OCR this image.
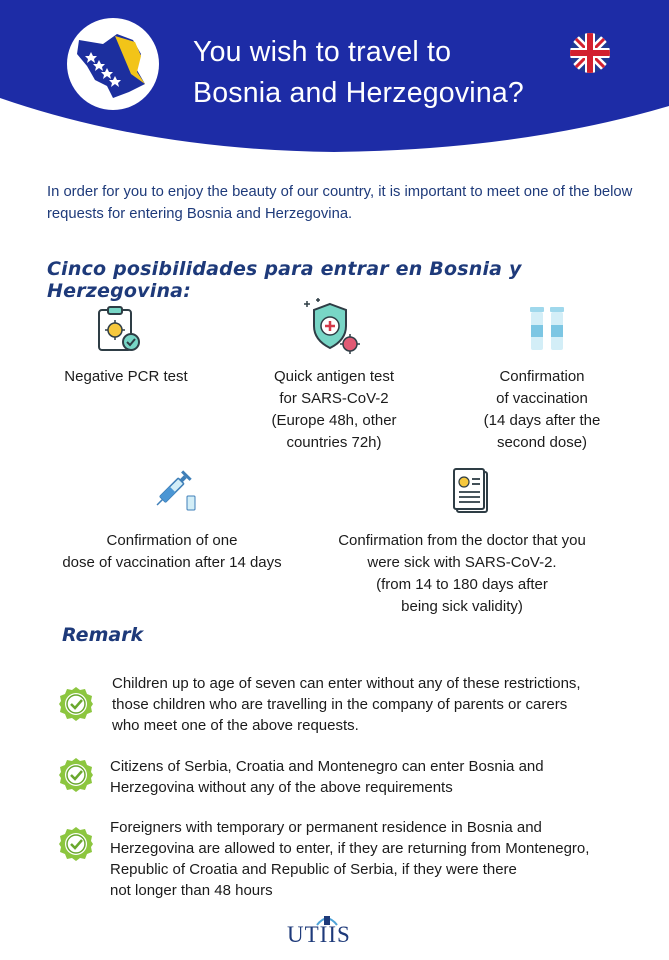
You wish to travel to
Bosnia and Herzegovina?
In order for you to enjoy the beauty of our country, it is important to meet one of the below requests for entering Bosnia and Herzegovina.
Cinco posibilidades para entrar en Bosnia y Herzegovina:
Negative PCR test	Quick antigen test
for SARS-CoV-2
(Europe 48h, other
countries 72h)
Confirmation
of vaccination
(14 days after the
second dose)
Confirmation of one
dose of vaccination after 14 days
Confirmation from the doctor that you
were sick with SARS-CoV-2.
(from 14 to 180 days after
being sick validity)
Remark
Children up to age of seven can enter without any of these restrictions,
those children who are travelling in the company of parents or carers
who meet one of the above requests.
Citizens of Serbia, Croatia and Montenegro can enter Bosnia and
Herzegovina without any of the above requirements
Foreigners with temporary or permanent residence in Bosnia and
Herzegovina are allowed to enter, if they are returning from Montenegro,
Republic of Croatia and Republic of Serbia, if they were there
not longer than 48 hours
UTIIS
